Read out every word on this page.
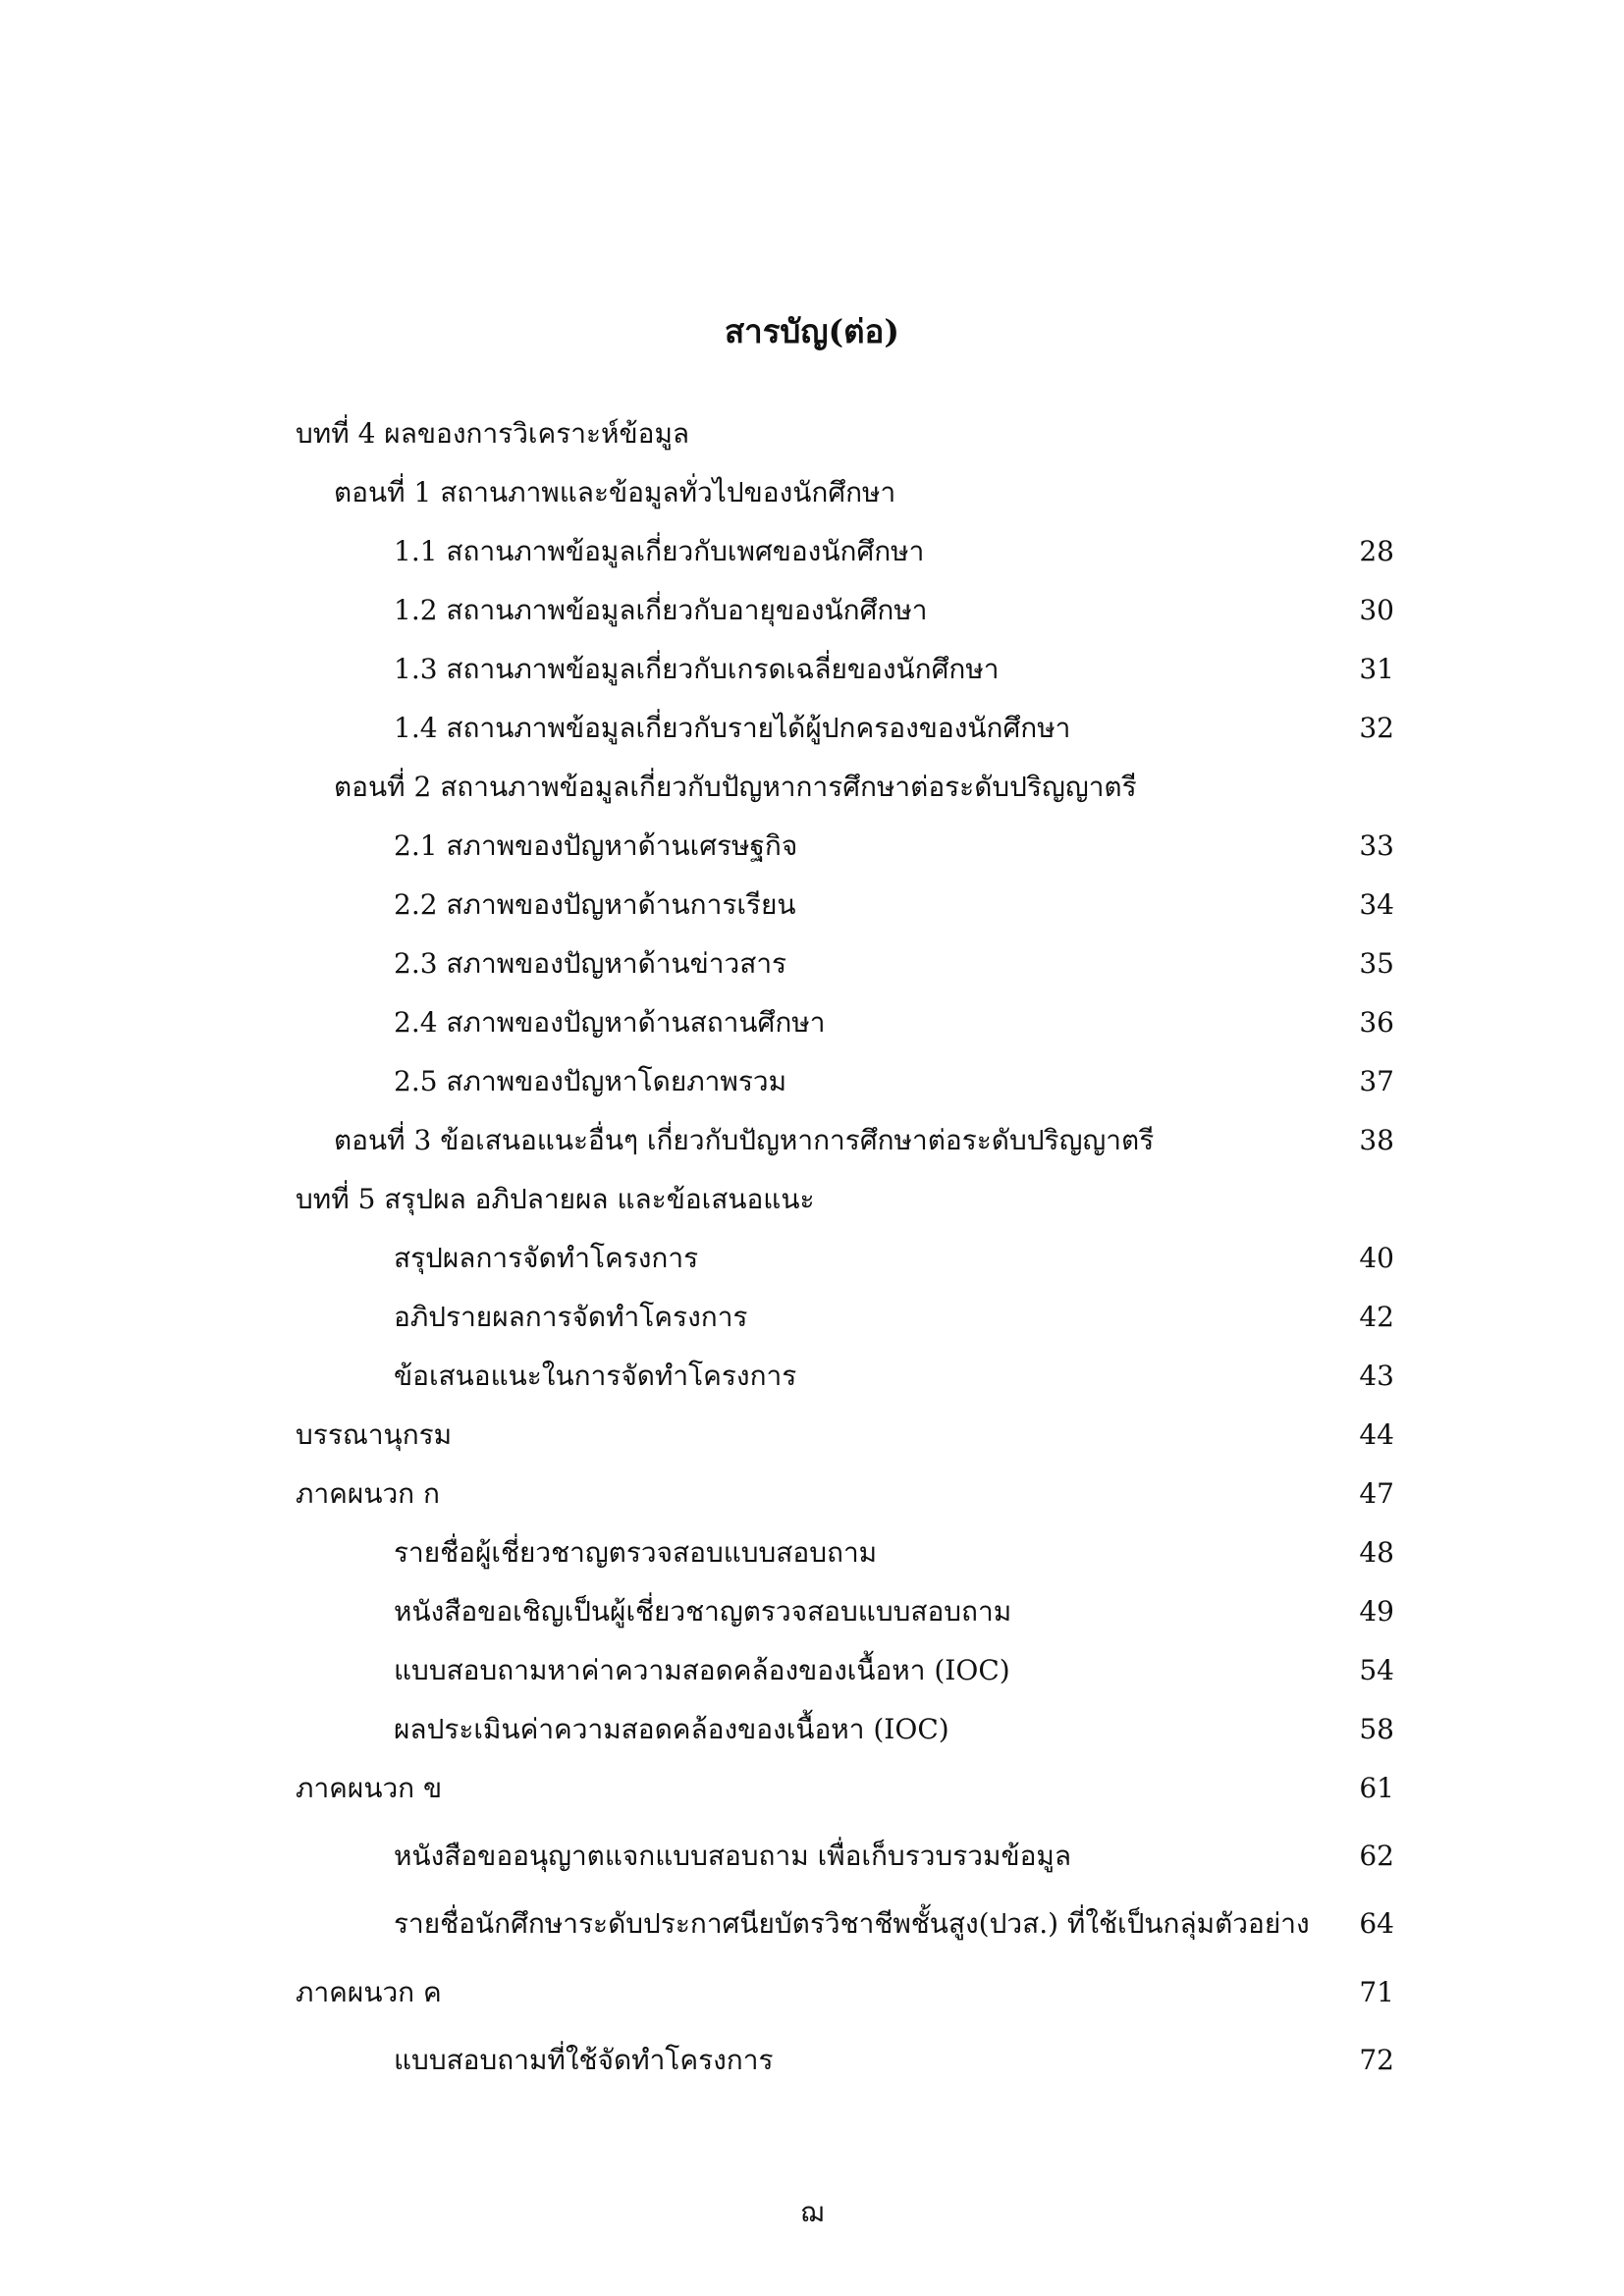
สารบัญ(ต่อ)
บทที่ 4 ผลของการวิเคราะห์ข้อมูล
ตอนที่ 1 สถานภาพและข้อมูลทั่วไปของนักศึกษา
1.1 สถานภาพข้อมูลเกี่ยวกับเพศของนักศึกษา	28
1.2 สถานภาพข้อมูลเกี่ยวกับอายุของนักศึกษา	30
1.3 สถานภาพข้อมูลเกี่ยวกับเกรดเฉลี่ยของนักศึกษา	31
1.4 สถานภาพข้อมูลเกี่ยวกับรายได้ผู้ปกครองของนักศึกษา	32
ตอนที่ 2 สถานภาพข้อมูลเกี่ยวกับปัญหาการศึกษาต่อระดับปริญญาตรี
2.1 สภาพของปัญหาด้านเศรษฐกิจ	33
2.2 สภาพของปัญหาด้านการเรียน	34
2.3 สภาพของปัญหาด้านข่าวสาร	35
2.4 สภาพของปัญหาด้านสถานศึกษา	36
2.5 สภาพของปัญหาโดยภาพรวม	37
ตอนที่ 3 ข้อเสนอแนะอื่นๆ เกี่ยวกับปัญหาการศึกษาต่อระดับปริญญาตรี	38
บทที่ 5 สรุปผล อภิปลายผล และข้อเสนอแนะ
สรุปผลการจัดทำโครงการ	40
อภิปรายผลการจัดทำโครงการ	42
ข้อเสนอแนะในการจัดทำโครงการ	43
บรรณานุกรม	44
ภาคผนวก ก	47
รายชื่อผู้เชี่ยวชาญตรวจสอบแบบสอบถาม	48
หนังสือขอเชิญเป็นผู้เชี่ยวชาญตรวจสอบแบบสอบถาม	49
แบบสอบถามหาค่าความสอดคล้องของเนื้อหา (IOC)	54
ผลประเมินค่าความสอดคล้องของเนื้อหา (IOC)	58
ภาคผนวก ข	61
หนังสือขออนุญาตแจกแบบสอบถาม เพื่อเก็บรวบรวมข้อมูล	62
รายชื่อนักศึกษาระดับประกาศนียบัตรวิชาชีพชั้นสูง(ปวส.) ที่ใช้เป็นกลุ่มตัวอย่าง 64
ภาคผนวก ค	71
แบบสอบถามที่ใช้จัดทำโครงการ	72
ฌ
